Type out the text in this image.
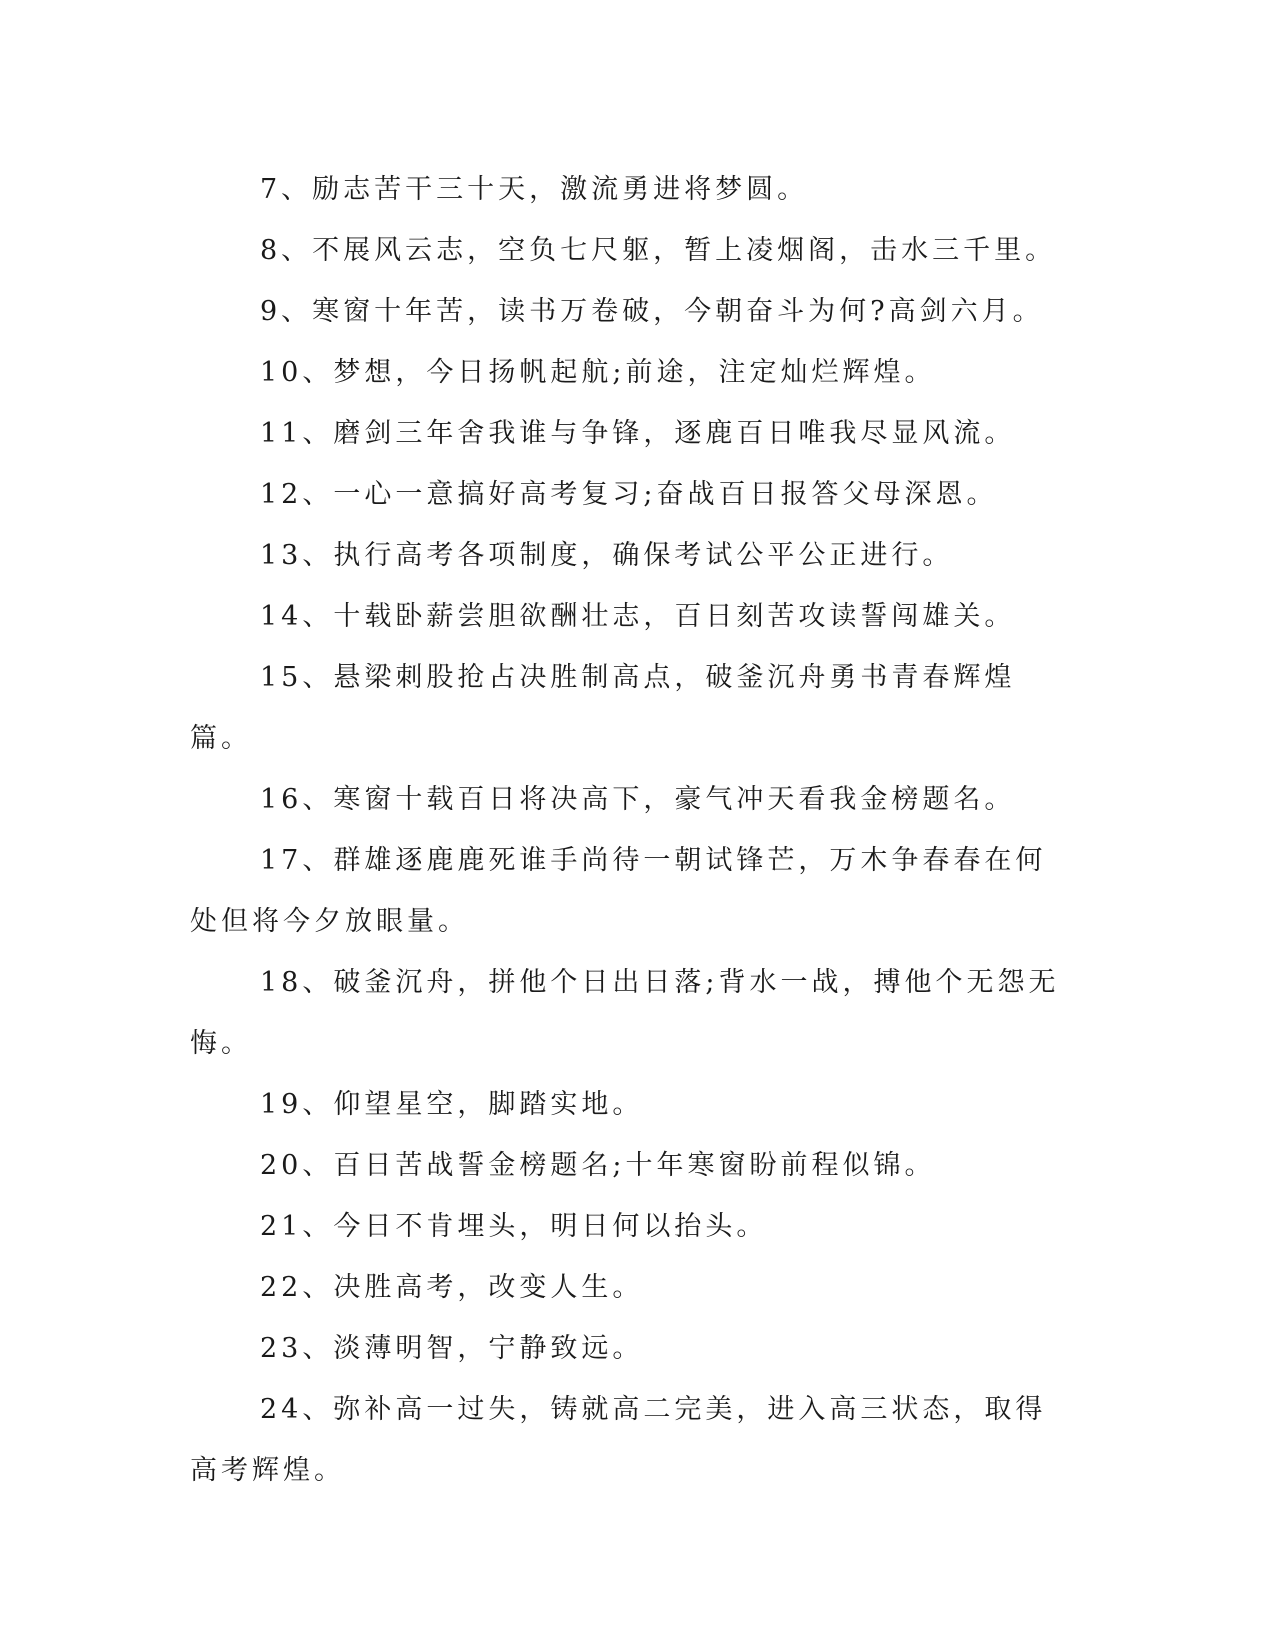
7、励志苦干三十天，激流勇进将梦圆。

8、不展风云志，空负七尺躯，暂上凌烟阁，击水三千里。

9、寒窗十年苦，读书万卷破，今朝奋斗为何?高剑六月。

10、梦想，今日扬帆起航;前途，注定灿烂辉煌。

11、磨剑三年舍我谁与争锋，逐鹿百日唯我尽显风流。

12、一心一意搞好高考复习;奋战百日报答父母深恩。

13、执行高考各项制度，确保考试公平公正进行。

14、十载卧薪尝胆欲酬壮志，百日刻苦攻读誓闯雄关。

15、悬梁刺股抢占决胜制高点，破釜沉舟勇书青春辉煌篇。

16、寒窗十载百日将决高下，豪气冲天看我金榜题名。

17、群雄逐鹿鹿死谁手尚待一朝试锋芒，万木争春春在何处但将今夕放眼量。

18、破釜沉舟，拼他个日出日落;背水一战，搏他个无怨无悔。

19、仰望星空，脚踏实地。

20、百日苦战誓金榜题名;十年寒窗盼前程似锦。

21、今日不肯埋头，明日何以抬头。

22、决胜高考，改变人生。

23、淡薄明智，宁静致远。

24、弥补高一过失，铸就高二完美，进入高三状态，取得高考辉煌。
